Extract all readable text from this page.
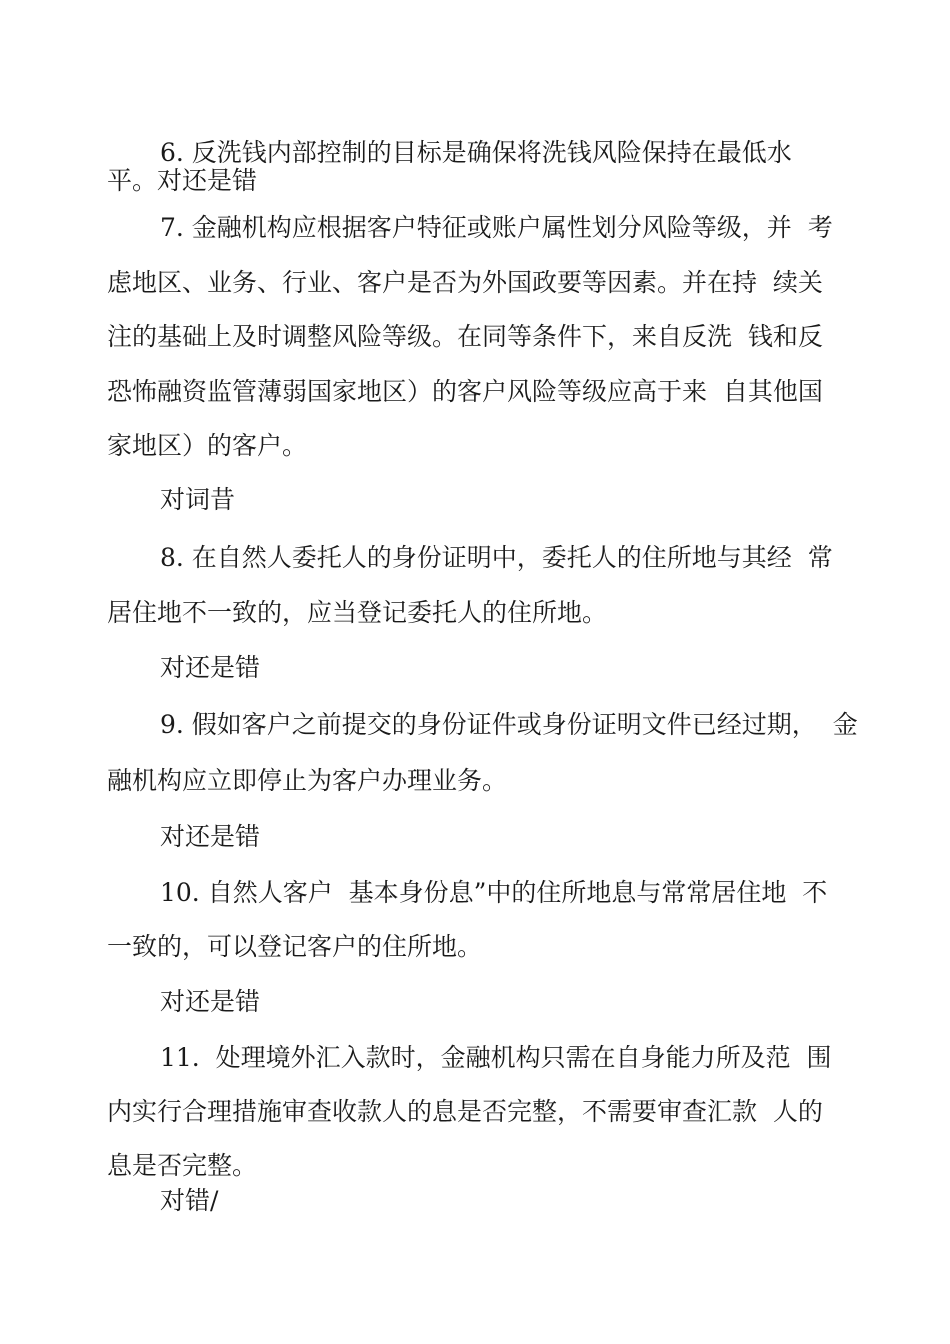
6. 反洗钱内部控制的目标是确保将洗钱风险保持在最低水
平。对还是错
7. 金融机构应根据客户特征或账户属性划分风险等级，并  考
虑地区、业务、行业、客户是否为外国政要等因素。并在持  续关
注的基础上及时调整风险等级。在同等条件下，来自反洗  钱和反
恐怖融资监管薄弱国家地区）的客户风险等级应高于来  自其他国
家地区）的客户。
对词昔
8. 在自然人委托人的身份证明中，委托人的住所地与其经  常
居住地不一致的，应当登记委托人的住所地。
对还是错
9. 假如客户之前提交的身份证件或身份证明文件已经过期，  金
融机构应立即停止为客户办理业务。
对还是错
10. 自然人客户  基本身份息”中的住所地息与常常居住地  不
一致的，可以登记客户的住所地。
对还是错
11.  处理境外汇入款时，金融机构只需在自身能力所及范  围
内实行合理措施审查收款人的息是否完整，不需要审查汇款  人的
息是否完整。
对错/
